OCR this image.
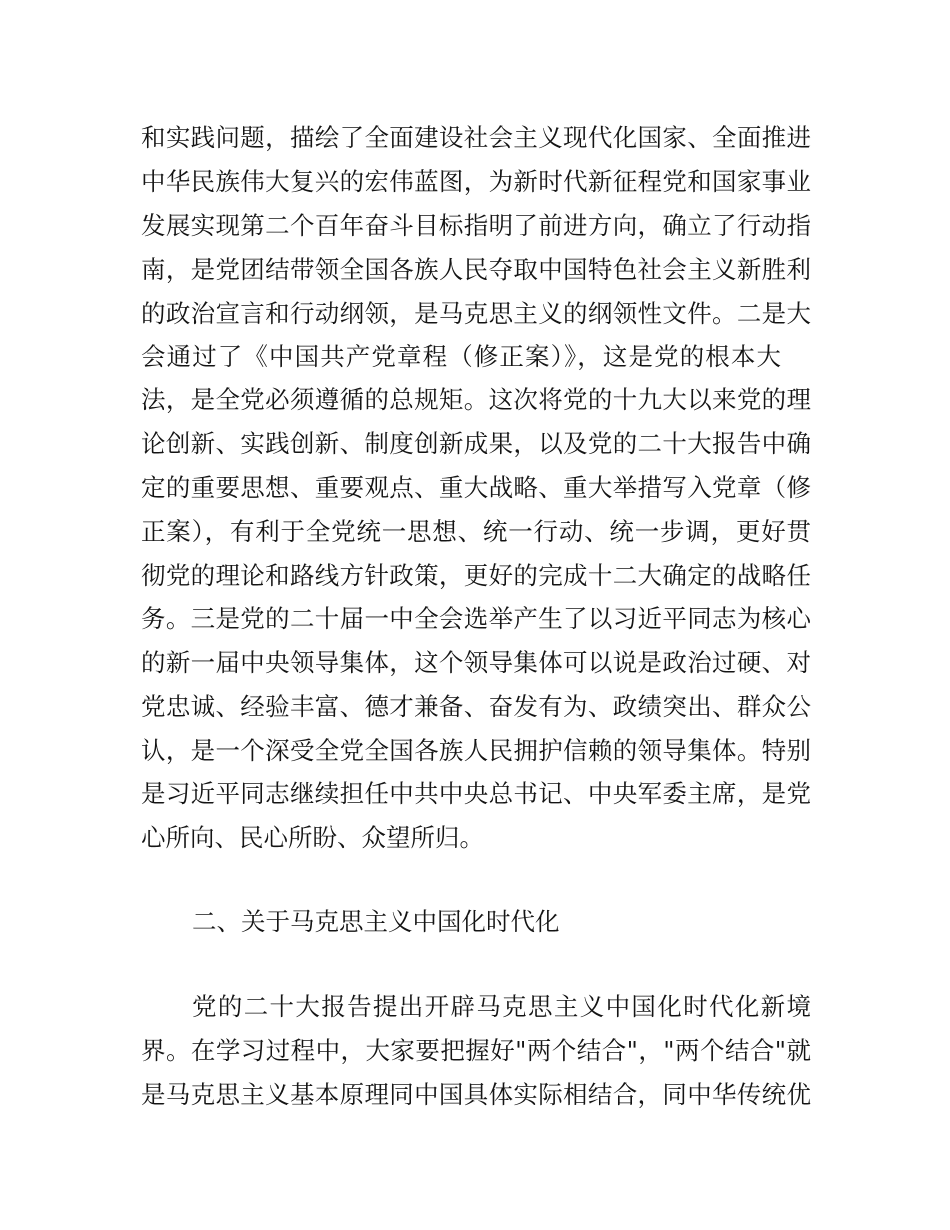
和实践问题，描绘了全面建设社会主义现代化国家、全面推进

中华民族伟大复兴的宏伟蓝图，为新时代新征程党和国家事业

发展实现第二个百年奋斗目标指明了前进方向，确立了行动指

南，是党团结带领全国各族人民夺取中国特色社会主义新胜利

的政治宣言和行动纲领，是马克思主义的纲领性文件。二是大

会通过了《中国共产党章程（修正案）》，这是党的根本大

法，是全党必须遵循的总规矩。这次将党的十九大以来党的理

论创新、实践创新、制度创新成果，以及党的二十大报告中确

定的重要思想、重要观点、重大战略、重大举措写入党章（修

正案），有利于全党统一思想、统一行动、统一步调，更好贯

彻党的理论和路线方针政策，更好的完成十二大确定的战略任

务。三是党的二十届一中全会选举产生了以习近平同志为核心

的新一届中央领导集体，这个领导集体可以说是政治过硬、对

党忠诚、经验丰富、德才兼备、奋发有为、政绩突出、群众公

认，是一个深受全党全国各族人民拥护信赖的领导集体。特别

是习近平同志继续担任中共中央总书记、中央军委主席，是党

心所向、民心所盼、众望所归。

二、关于马克思主义中国化时代化

党的二十大报告提出开辟马克思主义中国化时代化新境

界。在学习过程中，大家要把握好"两个结合"，"两个结合"就

是马克思主义基本原理同中国具体实际相结合，同中华传统优
